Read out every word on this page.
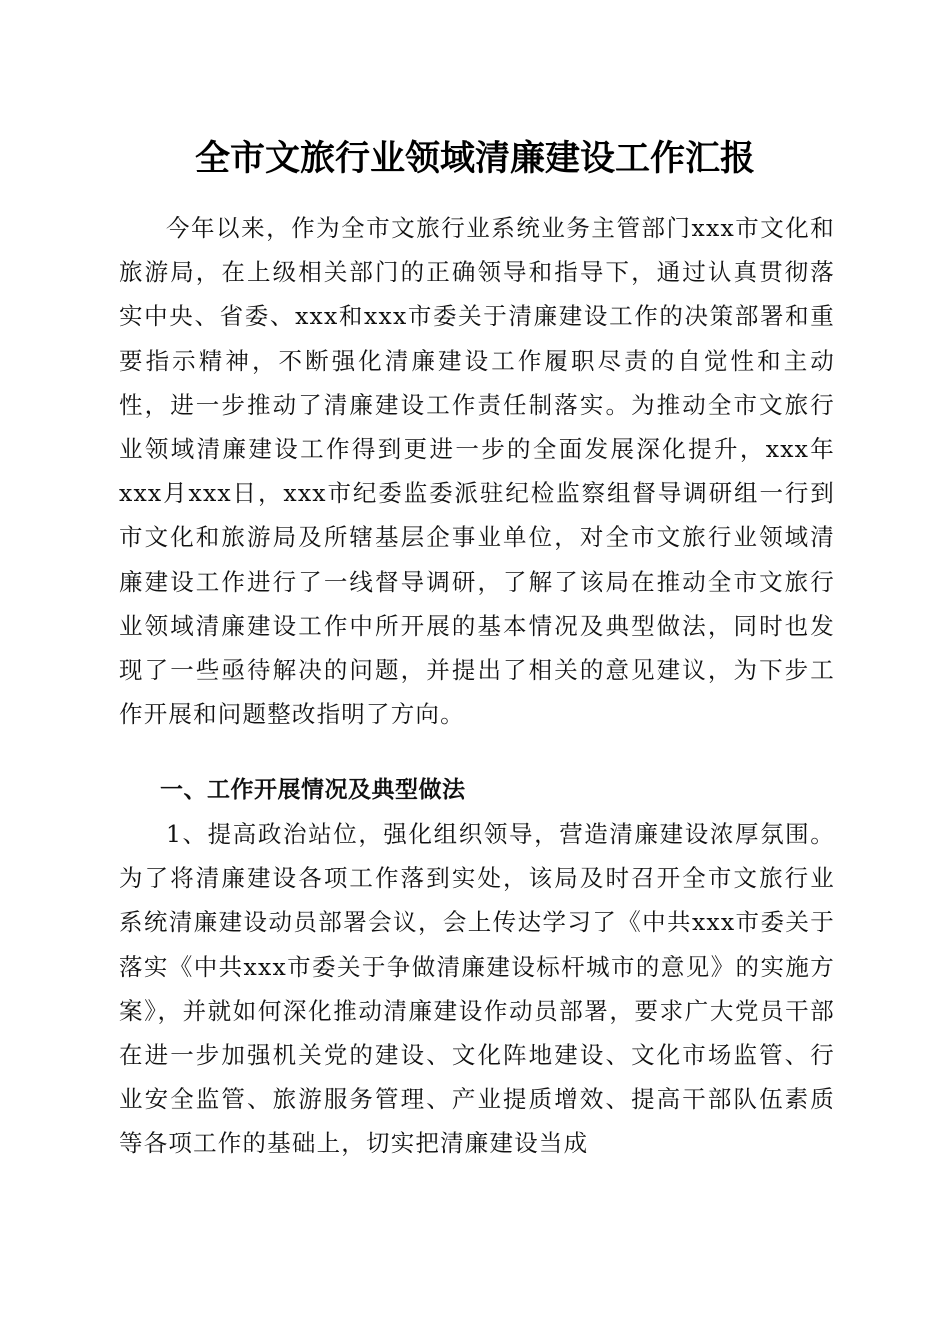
全市文旅行业领域清廉建设工作汇报
今年以来，作为全市文旅行业系统业务主管部门xxx市文化和旅游局，在上级相关部门的正确领导和指导下，通过认真贯彻落实中央、省委、xxx和xxx市委关于清廉建设工作的决策部署和重要指示精神，不断强化清廉建设工作履职尽责的自觉性和主动性，进一步推动了清廉建设工作责任制落实。为推动全市文旅行业领域清廉建设工作得到更进一步的全面发展深化提升，xxx年xxx月xxx日，xxx市纪委监委派驻纪检监察组督导调研组一行到市文化和旅游局及所辖基层企事业单位，对全市文旅行业领域清廉建设工作进行了一线督导调研，了解了该局在推动全市文旅行业领域清廉建设工作中所开展的基本情况及典型做法，同时也发现了一些亟待解决的问题，并提出了相关的意见建议，为下步工作开展和问题整改指明了方向。
一、工作开展情况及典型做法
1、提高政治站位，强化组织领导，营造清廉建设浓厚氛围。为了将清廉建设各项工作落到实处，该局及时召开全市文旅行业系统清廉建设动员部署会议，会上传达学习了《中共xxx市委关于落实《中共xxx市委关于争做清廉建设标杆城市的意见》的实施方案》，并就如何深化推动清廉建设作动员部署，要求广大党员干部在进一步加强机关党的建设、文化阵地建设、文化市场监管、行业安全监管、旅游服务管理、产业提质增效、提高干部队伍素质等各项工作的基础上，切实把清廉建设当成
